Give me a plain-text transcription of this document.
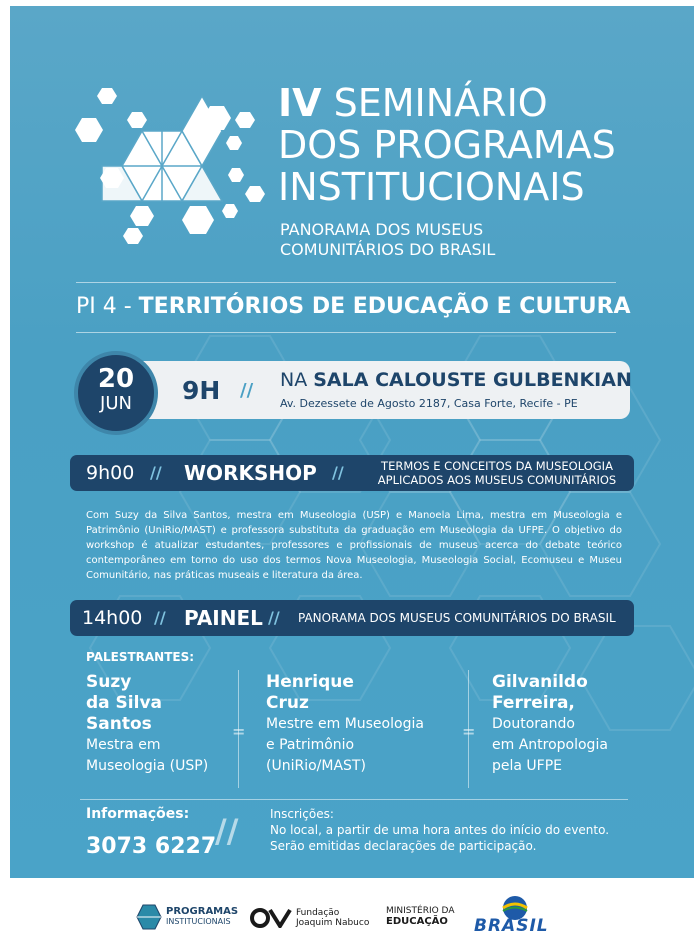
IV SEMINÁRIO
DOS PROGRAMAS
INSTITUCIONAIS
PANORAMA DOS MUSEUS
COMUNITÁRIOS DO BRASIL
PI 4 - TERRITÓRIOS DE EDUCAÇÃO E CULTURA
20
JUN	9H // NA SALA CALOUSTE GULBENKIAN
Av. Dezessete de Agosto 2187, Casa Forte, Recife - PE
9h00 // WORKSHOP //	TERMOS E CONCEITOS DA MUSEOLOGIA
APLICADOS AOS MUSEUS COMUNITÁRIOS
Com Suzy da Silva Santos, mestra em Museologia (USP) e Manoela Lima, mestra em Museologia e Patrimônio (UniRio/MAST) e professora substituta da graduação em Museologia da UFPE. O objetivo do workshop é atualizar estudantes, professores e profissionais de museus acerca do debate teórico contemporâneo em torno do uso dos termos Nova Museologia, Museologia Social, Ecomuseu e Museu Comunitário, nas práticas museais e literatura da área.
14h00 // PAINEL // PANORAMA DOS MUSEUS COMUNITÁRIOS DO BRASIL
PALESTRANTES:
Suzy
da Silva
Santos
Mestra em
Museologia (USP)
=
Henrique
Cruz
Mestre em Museologia
e Patrimônio
(UniRio/MAST)
=
Gilvanildo
Ferreira,
Doutorando
em Antropologia
pela UFPE
Informações:
3073 6227
//	Inscrições:
No local, a partir de uma hora antes do início do evento.
Serão emitidas declarações de participação.
PROGRAMAS
INSTITUCIONAIS
Fundação
Joaquim Nabuco
MINISTÉRIO DA
EDUCAÇÃO	BRASIL
